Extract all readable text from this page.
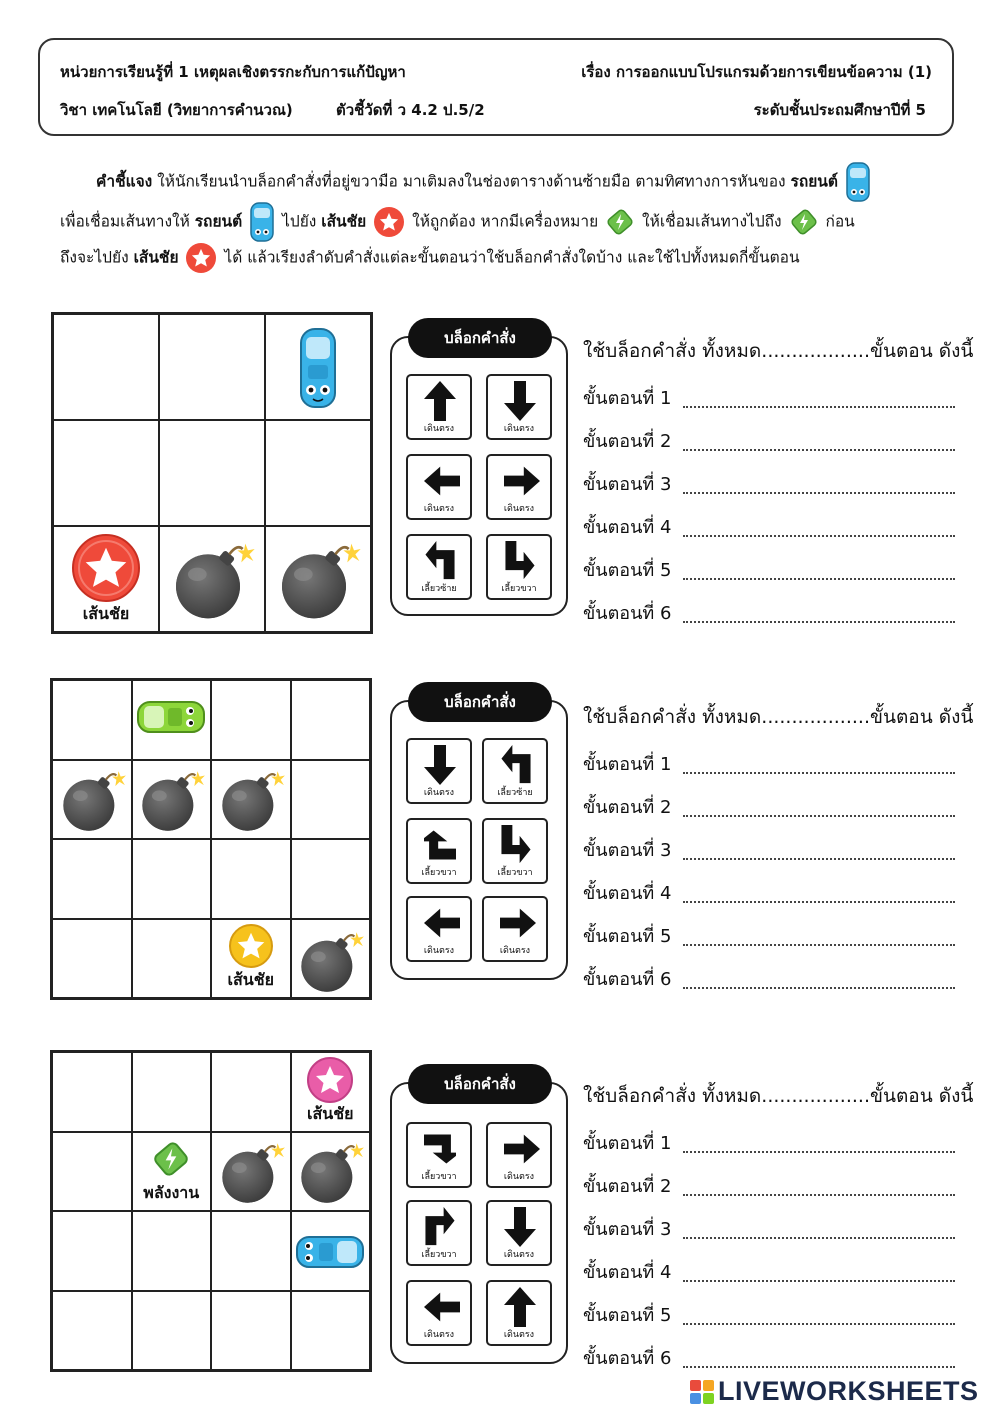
หน่วยการเรียนรู้ที่ 1 เหตุผลเชิงตรรกะกับการแก้ปัญหา	เรื่อง การออกแบบโปรแกรมด้วยการเขียนข้อความ (1)
วิชา เทคโนโลยี (วิทยาการคำนวณ)	ตัวชี้วัดที่ ว 4.2 ป.5/2	ระดับชั้นประถมศึกษาปีที่ 5
คำชี้แจง ให้นักเรียนนำบล็อกคำสั่งที่อยู่ขวามือ มาเติมลงในช่องตารางด้านซ้ายมือ ตามทิศทางการหันของ รถยนต์
เพื่อเชื่อมเส้นทางให้ รถยนต์	ไปยัง เส้นชัย	ให้ถูกต้อง หากมีเครื่องหมาย	ให้เชื่อมเส้นทางไปถึง	ก่อน
ถึงจะไปยัง เส้นชัย	ได้ แล้วเรียงลำดับคำสั่งแต่ละขั้นตอนว่าใช้บล็อกคำสั่งใดบ้าง และใช้ไปทั้งหมดกี่ขั้นตอน
เส้นชัย
บล็อกคำสั่ง
เดินตรง	เดินตรง
เดินตรง	เดินตรง
เลี้ยวซ้าย	เลี้ยวขวา
ใช้บล็อกคำสั่ง ทั้งหมด..................ขั้นตอน ดังนี้
ขั้นตอนที่ 1
ขั้นตอนที่ 2
ขั้นตอนที่ 3
ขั้นตอนที่ 4
ขั้นตอนที่ 5
ขั้นตอนที่ 6
เส้นชัย
บล็อกคำสั่ง
เดินตรง	เลี้ยวซ้าย
เลี้ยวขวา	เลี้ยวขวา
เดินตรง	เดินตรง
ใช้บล็อกคำสั่ง ทั้งหมด..................ขั้นตอน ดังนี้
ขั้นตอนที่ 1
ขั้นตอนที่ 2
ขั้นตอนที่ 3
ขั้นตอนที่ 4
ขั้นตอนที่ 5
ขั้นตอนที่ 6
เส้นชัย
พลังงาน
บล็อกคำสั่ง
เลี้ยวขวา	เดินตรง
เลี้ยวขวา	เดินตรง
เดินตรง	เดินตรง
ใช้บล็อกคำสั่ง ทั้งหมด..................ขั้นตอน ดังนี้
ขั้นตอนที่ 1
ขั้นตอนที่ 2
ขั้นตอนที่ 3
ขั้นตอนที่ 4
ขั้นตอนที่ 5
ขั้นตอนที่ 6
LIVEWORKSHEETS
